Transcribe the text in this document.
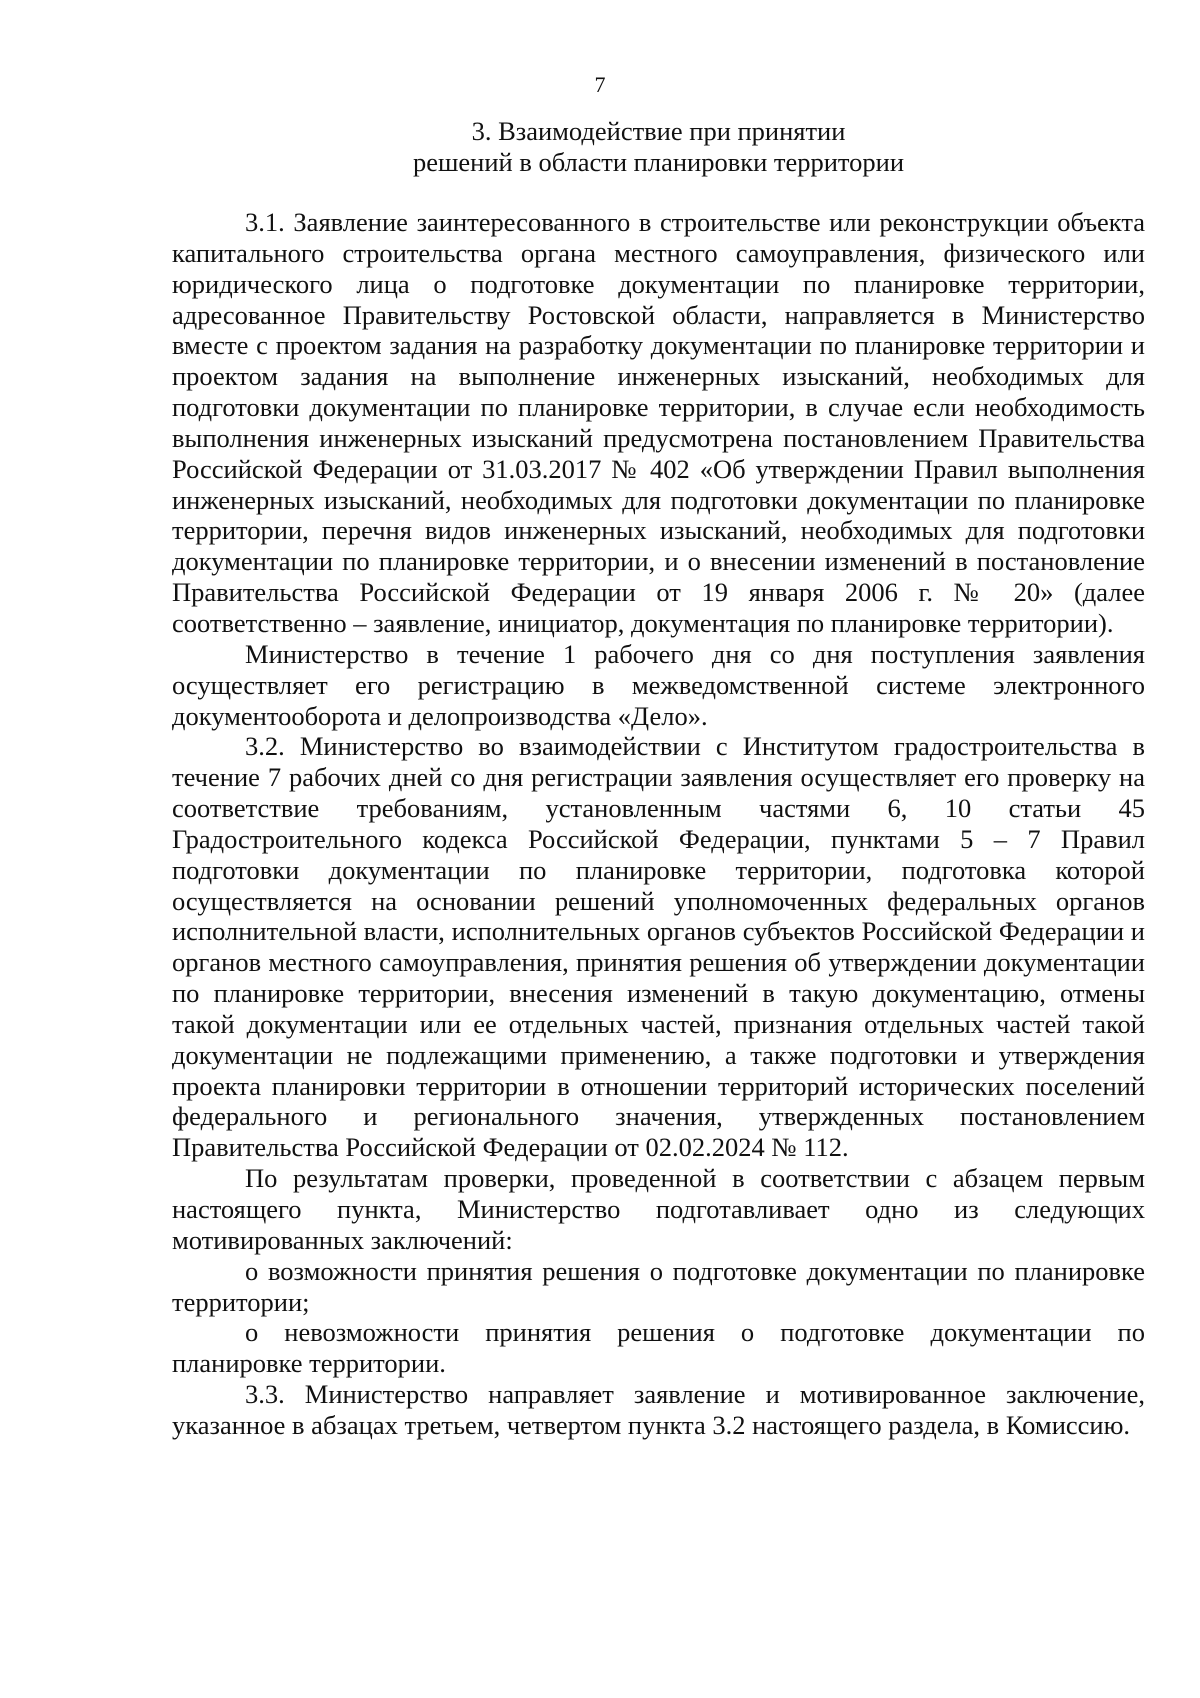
7
3. Взаимодействие при принятии
решений в области планировки территории

3.1. Заявление заинтересованного в строительстве или реконструкции объекта капитального строительства органа местного самоуправления, физического или юридического лица о подготовке документации по планировке территории, адресованное Правительству Ростовской области, направляется в Министерство вместе с проектом задания на разработку документации по планировке территории и проектом задания на выполнение инженерных изысканий, необходимых для подготовки документации по планировке территории, в случае если необходимость выполнения инженерных изысканий предусмотрена постановлением Правительства Российской Федерации от 31.03.2017 № 402 «Об утверждении Правил выполнения инженерных изысканий, необходимых для подготовки документации по планировке территории, перечня видов инженерных изысканий, необходимых для подготовки документации по планировке территории, и о внесении изменений в постановление Правительства Российской Федерации от 19 января 2006 г. № 20» (далее соответственно – заявление, инициатор, документация по планировке территории).

Министерство в течение 1 рабочего дня со дня поступления заявления осуществляет его регистрацию в межведомственной системе электронного документооборота и делопроизводства «Дело».

3.2. Министерство во взаимодействии с Институтом градостроительства в течение 7 рабочих дней со дня регистрации заявления осуществляет его проверку на соответствие требованиям, установленным частями 6, 10 статьи 45 Градостроительного кодекса Российской Федерации, пунктами 5 – 7 Правил подготовки документации по планировке территории, подготовка которой осуществляется на основании решений уполномоченных федеральных органов исполнительной власти, исполнительных органов субъектов Российской Федерации и органов местного самоуправления, принятия решения об утверждении документации по планировке территории, внесения изменений в такую документацию, отмены такой документации или ее отдельных частей, признания отдельных частей такой документации не подлежащими применению, а также подготовки и утверждения проекта планировки территории в отношении территорий исторических поселений федерального и регионального значения, утвержденных постановлением Правительства Российской Федерации от 02.02.2024 № 112.

По результатам проверки, проведенной в соответствии с абзацем первым настоящего пункта, Министерство подготавливает одно из следующих мотивированных заключений:

о возможности принятия решения о подготовке документации по планировке территории;

о невозможности принятия решения о подготовке документации по планировке территории.

3.3. Министерство направляет заявление и мотивированное заключение, указанное в абзацах третьем, четвертом пункта 3.2 настоящего раздела, в Комиссию.
